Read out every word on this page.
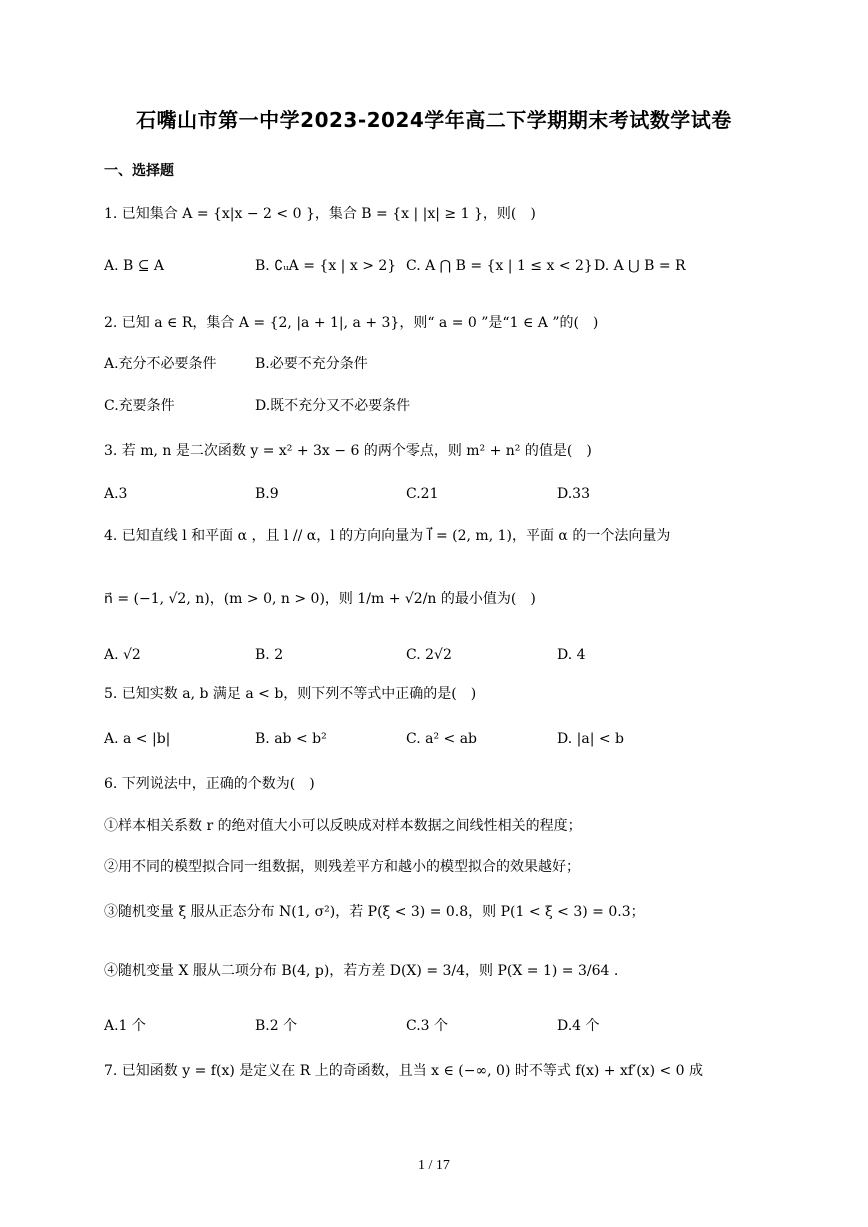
石嘴山市第一中学2023-2024学年高二下学期期末考试数学试卷
一、选择题
1. 已知集合 A = {x|x − 2 < 0 }，集合 B = {x | |x| ≥ 1 }，则(　)
A. B ⊆ A	B. ∁ᵤA = {x | x > 2} C. A ⋂ B = {x | 1 ≤ x < 2} D. A ⋃ B = R
2. 已知 a ∈ R，集合 A = {2, |a + 1|, a + 3}，则“ a = 0 ”是“1 ∈ A ”的(　)
A.充分不必要条件	B.必要不充分条件
C.充要条件	D.既不充分又不必要条件
3. 若 m, n 是二次函数 y = x² + 3x − 6 的两个零点，则 m² + n² 的值是(　)
A.3	B.9	C.21	D.33
4. 已知直线 l 和平面 α ，且 l // α，l 的方向向量为 l⃗ = (2, m, 1)，平面 α 的一个法向量为
n⃗ = (−1, √2, n)，(m > 0, n > 0)，则 1/m + √2/n 的最小值为(　)
A. √2	B. 2	C. 2√2	D. 4
5. 已知实数 a, b 满足 a < b，则下列不等式中正确的是(　)
A. a < |b|	B. ab < b²	C. a² < ab	D. |a| < b
6. 下列说法中，正确的个数为(　)
①样本相关系数 r 的绝对值大小可以反映成对样本数据之间线性相关的程度；
②用不同的模型拟合同一组数据，则残差平方和越小的模型拟合的效果越好；
③随机变量 ξ 服从正态分布 N(1, σ²)，若 P(ξ < 3) = 0.8，则 P(1 < ξ < 3) = 0.3；
④随机变量 X 服从二项分布 B(4, p)，若方差 D(X) = 3/4，则 P(X = 1) = 3/64 .
A.1 个	B.2 个	C.3 个	D.4 个
7. 已知函数 y = f(x) 是定义在 R 上的奇函数，且当 x ∈ (−∞, 0) 时不等式 f(x) + xf′(x) < 0 成
1 / 17
